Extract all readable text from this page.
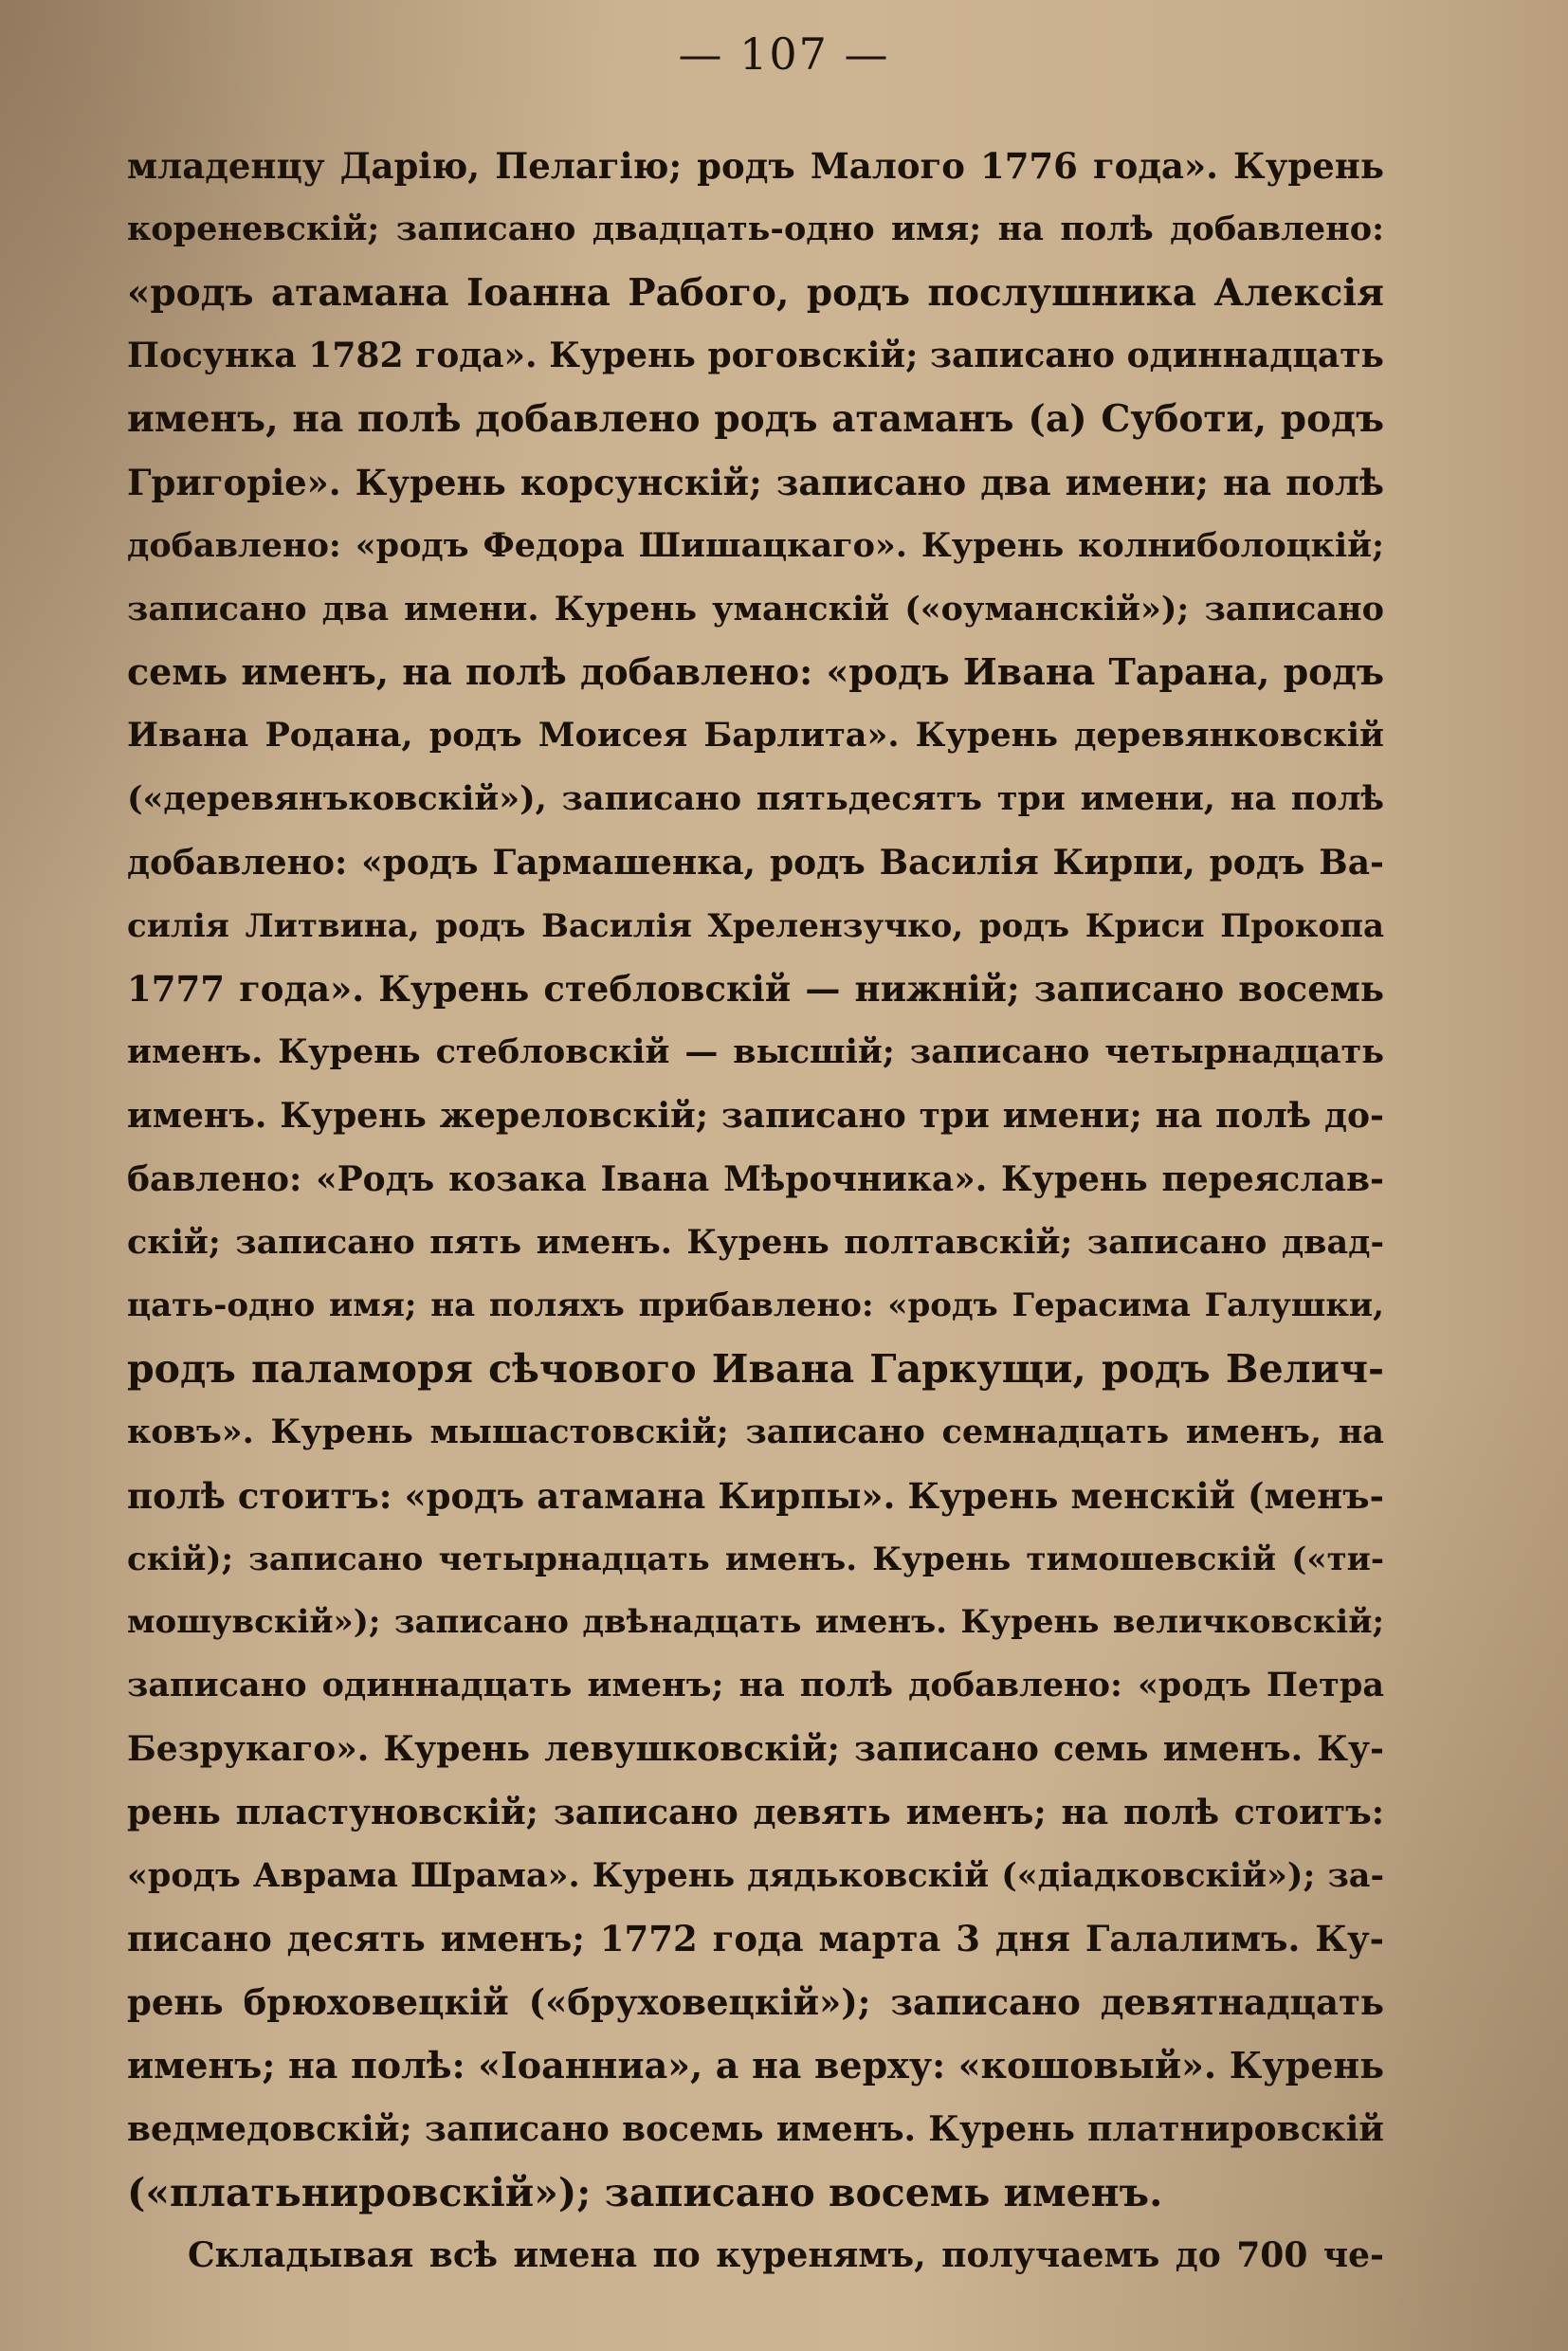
— 107 —
младенцу Дарію, Пелагію; родъ Малого 1776 года». Курень
кореневскій; записано двадцать-одно имя; на полѣ добавлено:
«родъ атамана Іоанна Рабого, родъ послушника Алексія
Посунка 1782 года». Курень роговскій; записано одиннадцать
именъ, на полѣ добавлено родъ атаманъ (а) Суботи, родъ
Григоріе». Курень корсунскій; записано два имени; на полѣ
добавлено: «родъ Федора Шишацкаго». Курень колниболоцкій;
записано два имени. Курень уманскій («оуманскій»); записано
семь именъ, на полѣ добавлено: «родъ Ивана Тарана, родъ
Ивана Родана, родъ Моисея Барлита». Курень деревянковскій
(«деревянъковскій»), записано пятьдесятъ три имени, на полѣ
добавлено: «родъ Гармашенка, родъ Василія Кирпи, родъ Ва-
силія Литвина, родъ Василія Хрелензучко, родъ Криси Прокопа
1777 года». Курень стебловскій — нижній; записано восемь
именъ. Курень стебловскій — высшій; записано четырнадцать
именъ. Курень жереловскій; записано три имени; на полѣ до-
бавлено: «Родъ козака Івана Мѣрочника». Курень переяслав-
скій; записано пять именъ. Курень полтавскій; записано двад-
цать-одно имя; на поляхъ прибавлено: «родъ Герасима Галушки,
родъ паламоря сѣчового Ивана Гаркущи, родъ Велич-
ковъ». Курень мышастовскій; записано семнадцать именъ, на
полѣ стоитъ: «родъ атамана Кирпы». Курень менскій (менъ-
скій); записано четырнадцать именъ. Курень тимошевскій («ти-
мошувскій»); записано двѣнадцать именъ. Курень величковскій;
записано одиннадцать именъ; на полѣ добавлено: «родъ Петра
Безрукаго». Курень левушковскій; записано семь именъ. Ку-
рень пластуновскій; записано девять именъ; на полѣ стоитъ:
«родъ Аврама Шрама». Курень дядьковскій («діадковскій»); за-
писано десять именъ; 1772 года марта 3 дня Галалимъ. Ку-
рень брюховецкій («бруховецкій»); записано девятнадцать
именъ; на полѣ: «Іоанниа», а на верху: «кошовый». Курень
ведмедовскій; записано восемь именъ. Курень платнировскій
(«платьнировскій»); записано восемь именъ.
Складывая всѣ имена по куренямъ, получаемъ до 700 че-
